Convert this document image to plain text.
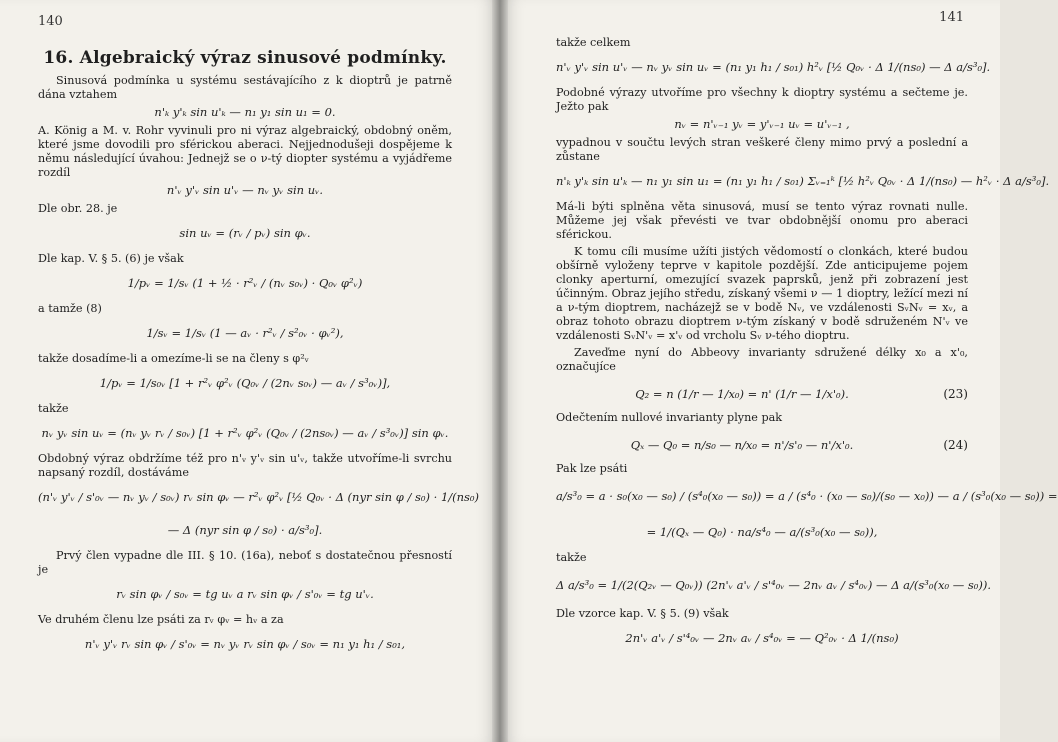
140
16. Algebraický výraz sinusové podmínky.

Sinusová podmínka u systému sestávajícího z k dioptrů je patrně dána vztahem

n'ₖ y'ₖ sin u'ₖ — n₁ y₁ sin u₁ = 0.

A. König a M. v. Rohr vyvinuli pro ni výraz algebraický, obdobný oněm, které jsme dovodili pro sférickou aberaci. Nejjednodušeji dospějeme k němu následující úvahou: Jednejž se o ν-tý diopter systému a vyjádřeme rozdíl

n'ᵥ y'ᵥ sin u'ᵥ — nᵥ yᵥ sin uᵥ.

Dle obr. 28. je

sin uᵥ = (rᵥ / pᵥ) sin φᵥ.

Dle kap. V. § 5. (6) je však

1/pᵥ = 1/sᵥ (1 + ½ · r²ᵥ / (nᵥ s₀ᵥ) · Q₀ᵥ φ²ᵥ)

a tamže (8)

1/sᵥ = 1/sᵥ (1 — aᵥ · r²ᵥ / s²₀ᵥ · φᵥ²),

takže dosadíme-li a omezíme-li se na členy s φ²ᵥ

1/pᵥ = 1/s₀ᵥ [1 + r²ᵥ φ²ᵥ (Q₀ᵥ / (2nᵥ s₀ᵥ) — aᵥ / s³₀ᵥ)],

takže

nᵥ yᵥ sin uᵥ = (nᵥ yᵥ rᵥ / s₀ᵥ) [1 + r²ᵥ φ²ᵥ (Q₀ᵥ / (2ns₀ᵥ) — aᵥ / s³₀ᵥ)] sin φᵥ.

Obdobný výraz obdržíme též pro n'ᵥ y'ᵥ sin u'ᵥ, takže utvoříme-li svrchu napsaný rozdíl, dostáváme

(n'ᵥ y'ᵥ / s'₀ᵥ — nᵥ yᵥ / s₀ᵥ) rᵥ sin φᵥ — r²ᵥ φ²ᵥ [½ Q₀ᵥ · Δ (nyr sin φ / s₀) · 1/(ns₀)
— Δ (nyr sin φ / s₀) · a/s³₀].

Prvý člen vypadne dle III. § 10. (16a), neboť s dostatečnou přesností je

rᵥ sin φᵥ / s₀ᵥ = tg uᵥ a rᵥ sin φᵥ / s'₀ᵥ = tg u'ᵥ.

Ve druhém členu lze psáti za rᵥ φᵥ = hᵥ a za

n'ᵥ y'ᵥ rᵥ sin φᵥ / s'₀ᵥ = nᵥ yᵥ rᵥ sin φᵥ / s₀ᵥ = n₁ y₁ h₁ / s₀₁,
141

takže celkem

n'ᵥ y'ᵥ sin u'ᵥ — nᵥ yᵥ sin uᵥ = (n₁ y₁ h₁ / s₀₁) h²ᵥ [½ Q₀ᵥ · Δ 1/(ns₀) — Δ a/s³₀].

Podobné výrazy utvoříme pro všechny k dioptry systému a sečteme je. Ježto pak

nᵥ = n'ᵥ₋₁ yᵥ = y'ᵥ₋₁ uᵥ = u'ᵥ₋₁ ,

vypadnou v součtu levých stran veškeré členy mimo prvý a poslední a zůstane

n'ₖ y'ₖ sin u'ₖ — n₁ y₁ sin u₁ = (n₁ y₁ h₁ / s₀₁) Σᵥ₌₁ᵏ [½ h²ᵥ Q₀ᵥ · Δ 1/(ns₀) — h²ᵥ · Δ a/s³₀].

Má-li býti splněna věta sinusová, musí se tento výraz rovnati nulle. Můžeme jej však převésti ve tvar obdobnější onomu pro aberaci sférickou.

K tomu cíli musíme užíti jistých vědomostí o clonkách, které budou obšírně vyloženy teprve v kapitole pozdější. Zde anticipujeme pojem clonky aperturní, omezující svazek paprsků, jenž při zobrazení jest účinným. Obraz jejího středu, získaný všemi ν — 1 dioptry, ležící mezi ní a ν-tým dioptrem, nacházejž se v bodě Nᵥ, ve vzdálenosti SᵥNᵥ = xᵥ, a obraz tohoto obrazu dioptrem ν-tým získaný v bodě sdruženém N'ᵥ ve vzdálenosti SᵥN'ᵥ = x'ᵥ od vrcholu Sᵥ ν-tého dioptru.

Zaveďme nyní do Abbeovy invarianty sdružené délky x₀ a x'₀, označujíce

Q₂ = n (1/r — 1/x₀) = n' (1/r — 1/x'₀).	(23)

Odečtením nullové invarianty plyne pak

Qₓ — Q₀ = n/s₀ — n/x₀ = n'/s'₀ — n'/x'₀.	(24)

Pak lze psáti

a/s³₀ = a · s₀(x₀ — s₀) / (s⁴₀(x₀ — s₀)) = a / (s⁴₀ · (x₀ — s₀)/(s₀ — x₀)) — a / (s³₀(x₀ — s₀)) =
= 1/(Qₓ — Q₀) · na/s⁴₀ — a/(s³₀(x₀ — s₀)),

takže

Δ a/s³₀ = 1/(2(Q₂ᵥ — Q₀ᵥ)) (2n'ᵥ a'ᵥ / s'⁴₀ᵥ — 2nᵥ aᵥ / s⁴₀ᵥ) — Δ a/(s³₀(x₀ — s₀)).

Dle vzorce kap. V. § 5. (9) však

2n'ᵥ a'ᵥ / s'⁴₀ᵥ — 2nᵥ aᵥ / s⁴₀ᵥ = — Q²₀ᵥ · Δ 1/(ns₀)
